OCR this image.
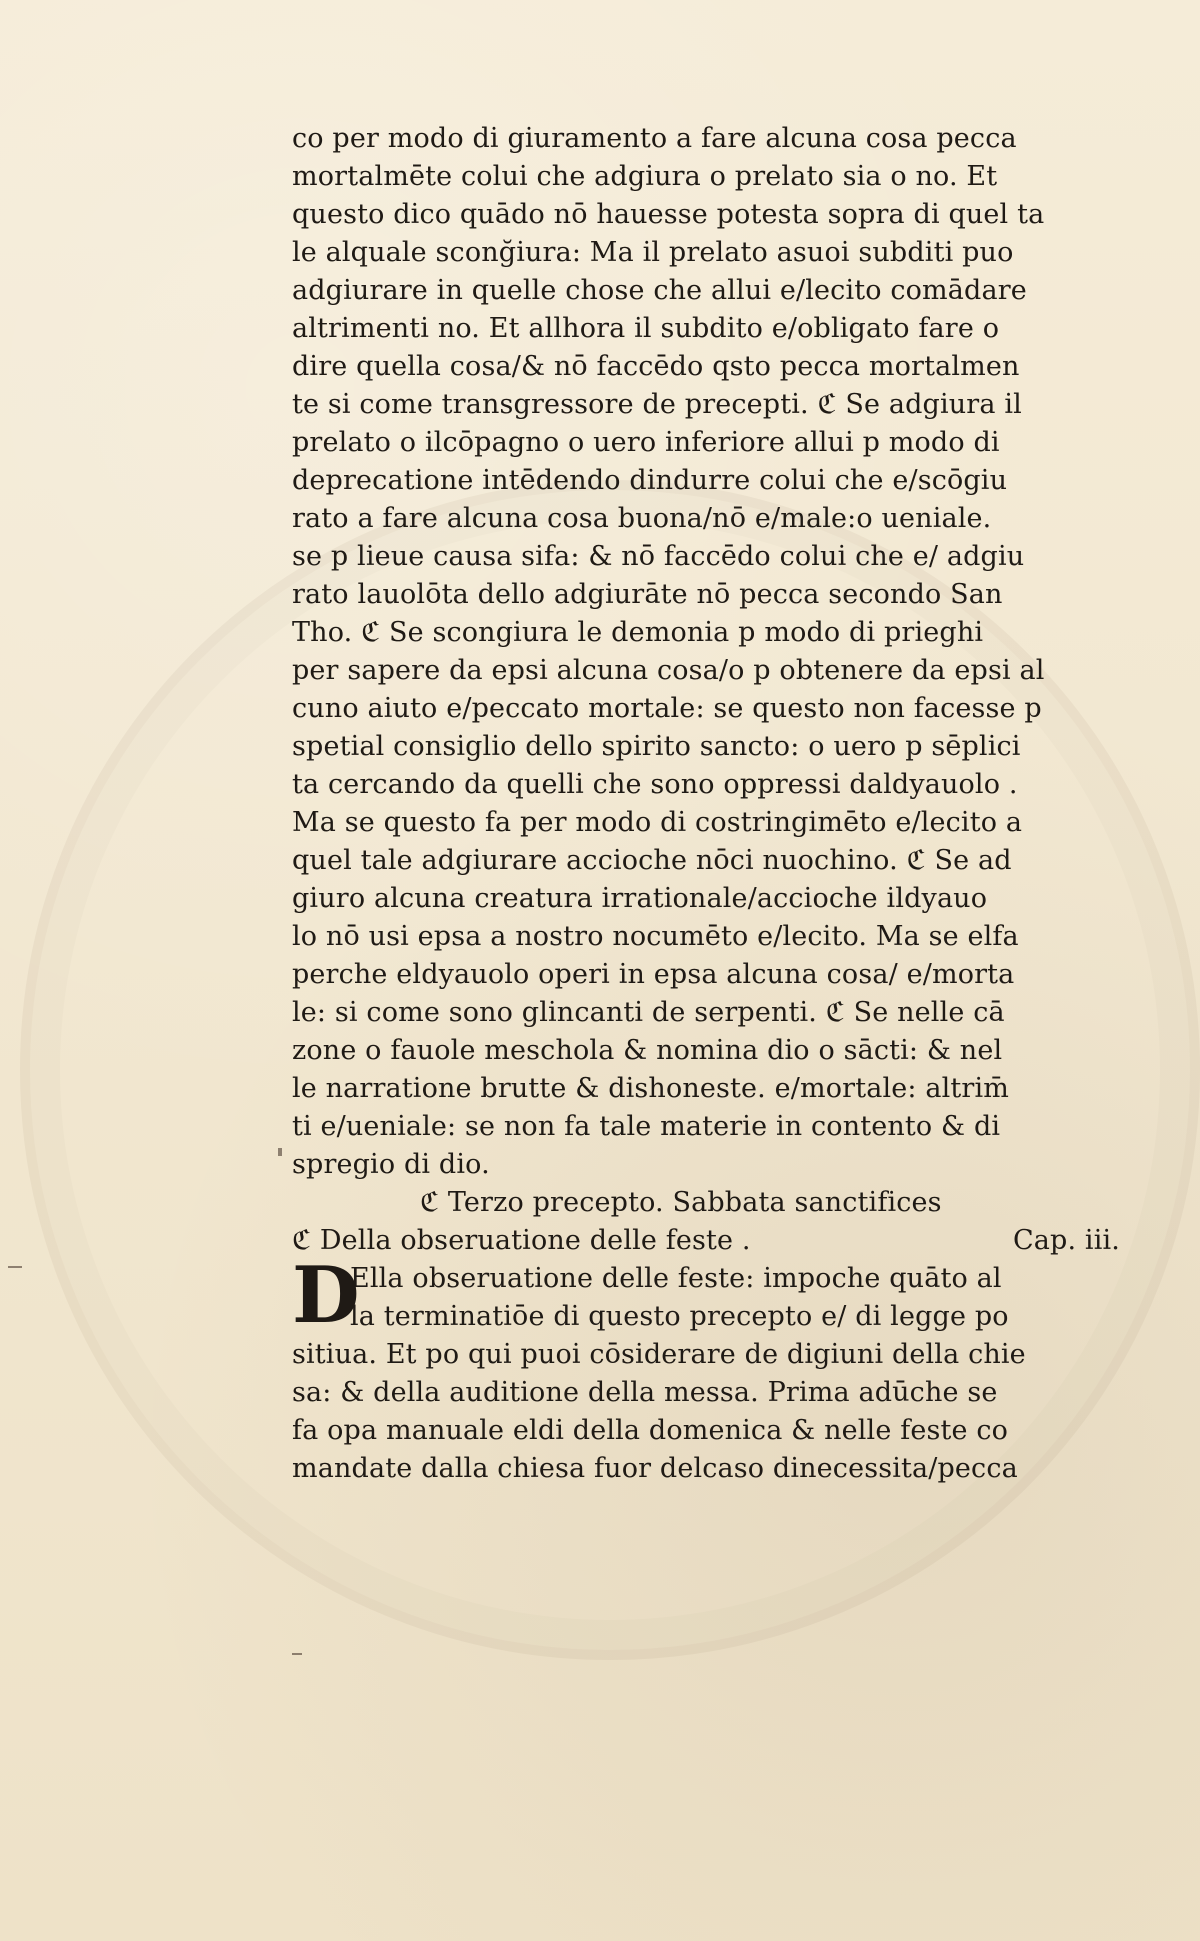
co per modo di giuramento a fare alcuna cosa pecca
mortalmēte colui che adgiura o prelato sia o no. Et
questo dico quādo nō hauesse potesta sopra di quel ta
le alquale sconğiura: Ma il prelato asuoi subditi puo
adgiurare in quelle chose che allui e/lecito comādare
altrimenti no. Et allhora il subdito e/obligato fare o
dire quella cosa/& nō faccēdo qsto pecca mortalmen
te si come transgressore de precepti. ℭ Se adgiura il
prelato o ilcōpagno o uero inferiore allui p modo di
deprecatione intēdendo dindurre colui che e/scōgiu
rato a fare alcuna cosa buona/nō e/male:o ueniale.
se p lieue causa sifa: & nō faccēdo colui che e/ adgiu
rato lauolōta dello adgiurāte nō pecca secondo San
Tho. ℭ Se scongiura le demonia p modo di prieghi
per sapere da epsi alcuna cosa/o p obtenere da epsi al
cuno aiuto e/peccato mortale: se questo non facesse p
spetial consiglio dello spirito sancto: o uero p sēplici
ta cercando da quelli che sono oppressi daldyauolo .
Ma se questo fa per modo di costringimēto e/lecito a
quel tale adgiurare accioche nōci nuochino. ℭ Se ad
giuro alcuna creatura irrationale/accioche ildyauo
lo nō usi epsa a nostro nocumēto e/lecito. Ma se elfa
perche eldyauolo operi in epsa alcuna cosa/ e/morta
le: si come sono glincanti de serpenti. ℭ Se nelle cā
zone o fauole meschola & nomina dio o sācti: & nel
le narratione brutte & dishoneste. e/mortale: altrim̄
ti e/ueniale: se non fa tale materie in contento & di
spregio di dio.
ℭ Terzo precepto. Sabbata sanctifices
ℭ Della obseruatione delle feste .	Cap. iii.
D
Ella obseruatione delle feste: impoche quāto al
la terminatiōe di questo precepto e/ di legge po
sitiua. Et po qui puoi cōsiderare de digiuni della chie
sa: & della auditione della messa. Prima adūche se
fa opa manuale eldi della domenica & nelle feste co
mandate dalla chiesa fuor delcaso dinecessita/pecca
